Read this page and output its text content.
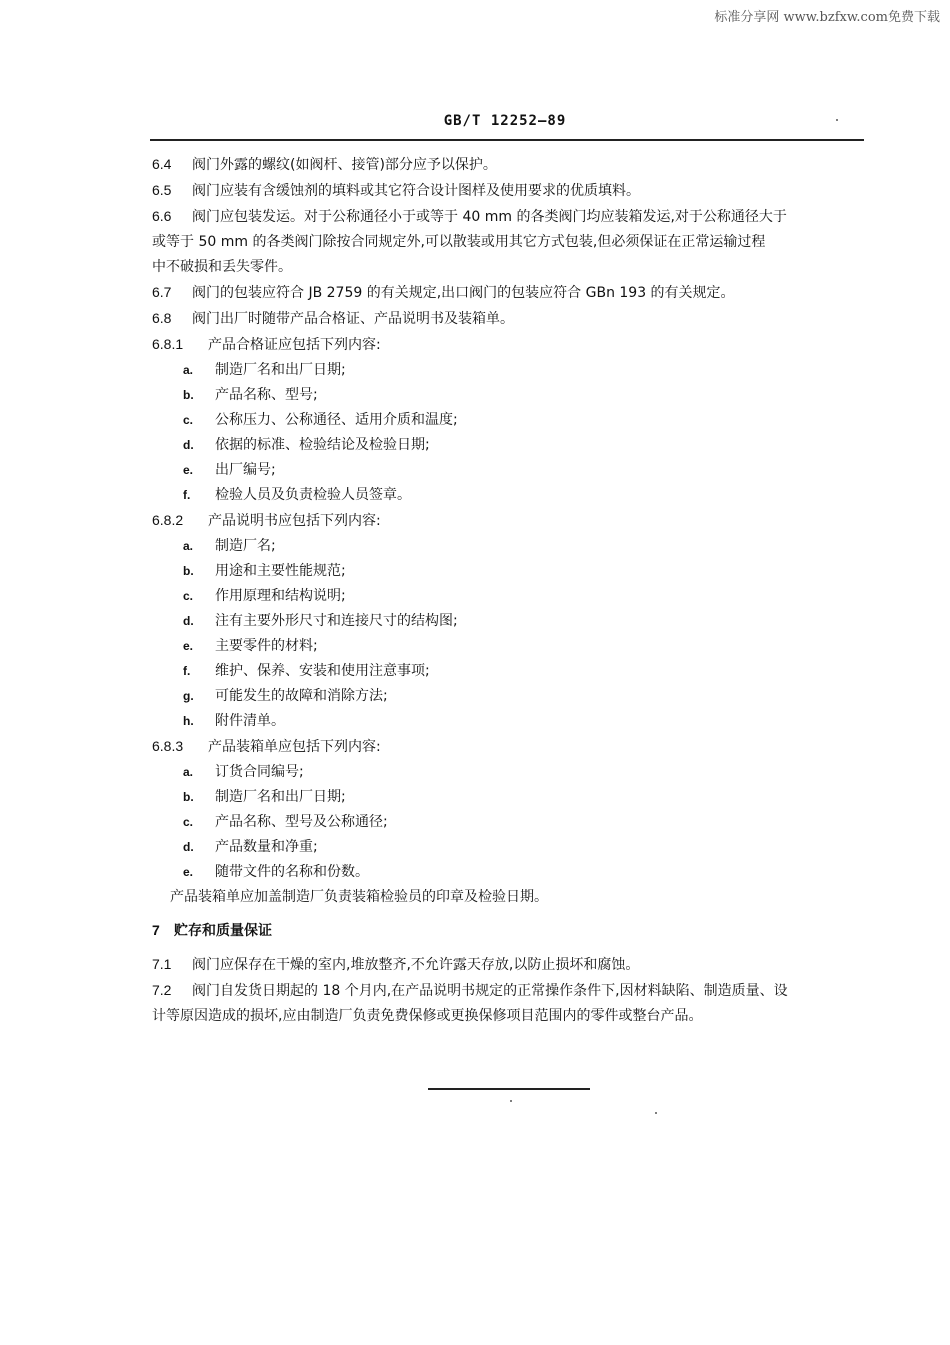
标准分享网 www.bzfxw.com免费下载
GB/T 12252—89
6.4 阀门外露的螺纹(如阀杆、接管)部分应予以保护。
6.5 阀门应装有含缓蚀剂的填料或其它符合设计图样及使用要求的优质填料。
6.6 阀门应包装发运。对于公称通径小于或等于 40 mm 的各类阀门均应装箱发运,对于公称通径大于
或等于 50 mm 的各类阀门除按合同规定外,可以散装或用其它方式包装,但必须保证在正常运输过程
中不破损和丢失零件。
6.7 阀门的包装应符合 JB 2759 的有关规定,出口阀门的包装应符合 GBn 193 的有关规定。
6.8 阀门出厂时随带产品合格证、产品说明书及装箱单。
6.8.1 产品合格证应包括下列内容:
a. 制造厂名和出厂日期;
b. 产品名称、型号;
c. 公称压力、公称通径、适用介质和温度;
d. 依据的标准、检验结论及检验日期;
e. 出厂编号;
f. 检验人员及负责检验人员签章。
6.8.2 产品说明书应包括下列内容:
a. 制造厂名;
b. 用途和主要性能规范;
c. 作用原理和结构说明;
d. 注有主要外形尺寸和连接尺寸的结构图;
e. 主要零件的材料;
f. 维护、保养、安装和使用注意事项;
g. 可能发生的故障和消除方法;
h. 附件清单。
6.8.3 产品装箱单应包括下列内容:
a. 订货合同编号;
b. 制造厂名和出厂日期;
c. 产品名称、型号及公称通径;
d. 产品数量和净重;
e. 随带文件的名称和份数。
产品装箱单应加盖制造厂负责装箱检验员的印章及检验日期。
7 贮存和质量保证
7.1 阀门应保存在干燥的室内,堆放整齐,不允许露天存放,以防止损坏和腐蚀。
7.2 阀门自发货日期起的 18 个月内,在产品说明书规定的正常操作条件下,因材料缺陷、制造质量、设
计等原因造成的损坏,应由制造厂负责免费保修或更换保修项目范围内的零件或整台产品。
